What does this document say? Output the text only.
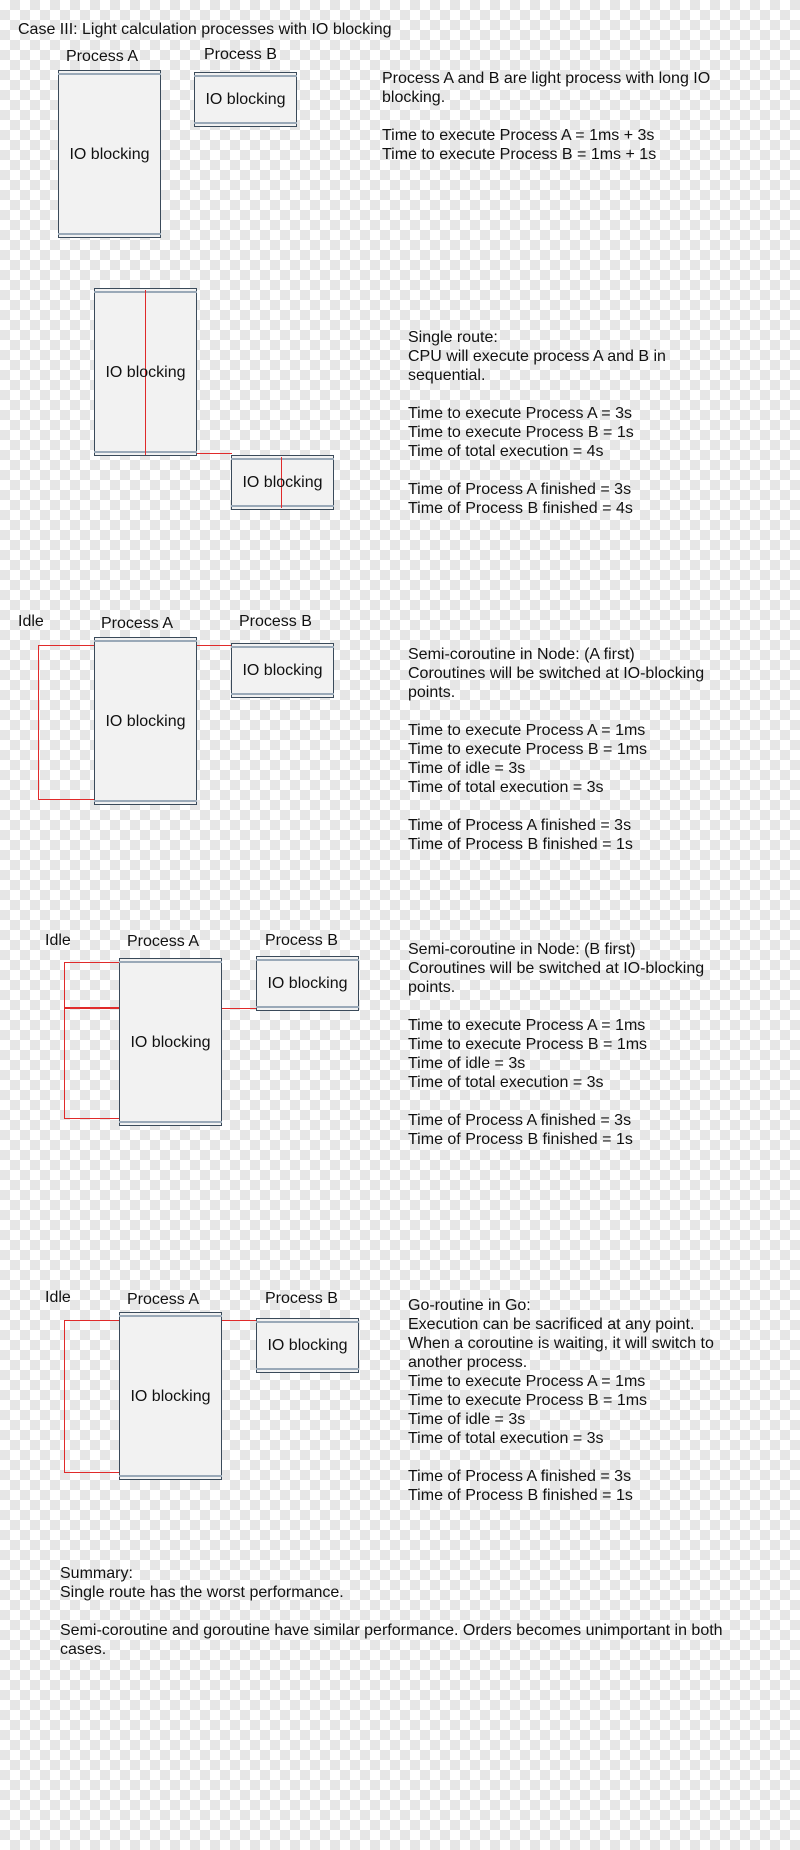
Case III: Light calculation processes with IO blocking
Process A	Process B
IO blocking
IO blocking
Process A and B are light process with long IO blocking.
Time to execute Process A = 1ms + 3s
Time to execute Process B = 1ms + 1s
IO blocking
IO blocking
Single route:
CPU will execute process A and B in sequential.
Time to execute Process A = 3s
Time to execute Process B = 1s
Time of total execution = 4s
Time of Process A finished = 3s
Time of Process B finished = 4s
Idle	Process A	Process B
IO blocking
IO blocking
Semi-coroutine in Node: (A first)
Coroutines will be switched at IO-blocking points.
Time to execute Process A = 1ms
Time to execute Process B = 1ms
Time of idle = 3s
Time of total execution = 3s
Time of Process A finished = 3s
Time of Process B finished = 1s
Idle	Process A	Process B
IO blocking
IO blocking
Semi-coroutine in Node: (B first)
Coroutines will be switched at IO-blocking points.
Time to execute Process A = 1ms
Time to execute Process B = 1ms
Time of idle = 3s
Time of total execution = 3s
Time of Process A finished = 3s
Time of Process B finished = 1s
Idle	Process A	Process B
IO blocking
IO blocking
Go-routine in Go:
Execution can be sacrificed at any point.
When a coroutine is waiting, it will switch to another process.
Time to execute Process A = 1ms
Time to execute Process B = 1ms
Time of idle = 3s
Time of total execution = 3s
Time of Process A finished = 3s
Time of Process B finished = 1s
Summary:
Single route has the worst performance.
Semi-coroutine and goroutine have similar performance. Orders becomes unimportant in both cases.
